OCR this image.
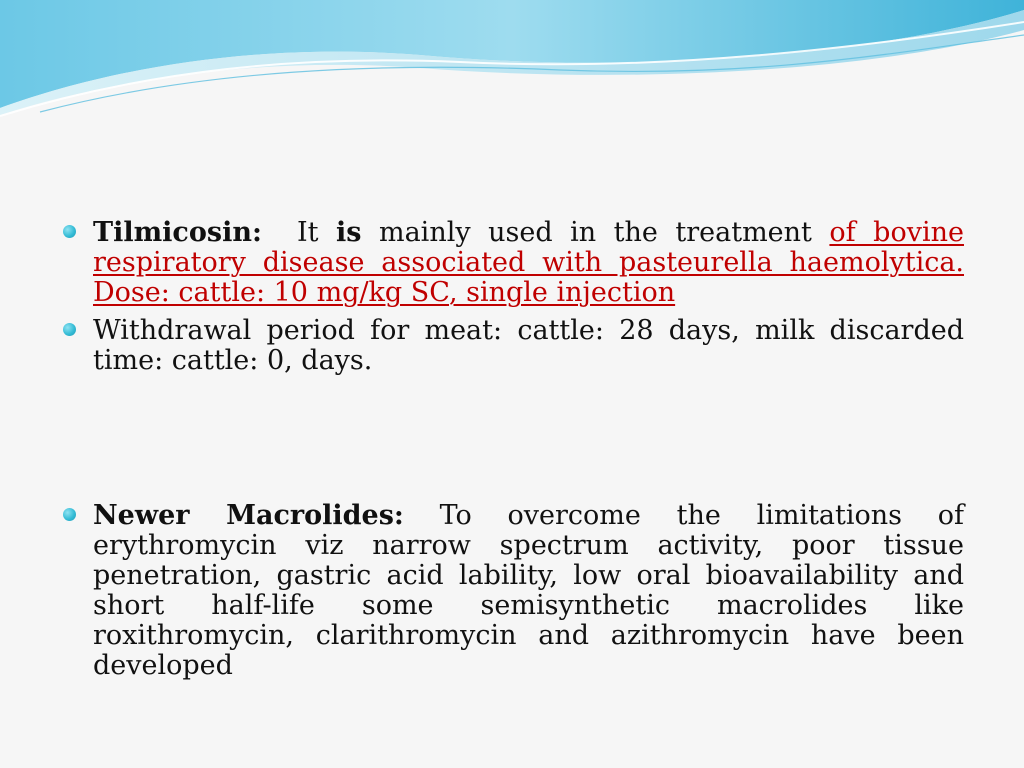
Tilmicosin:  It is mainly used in the treatment of bovine respiratory disease associated with pasteurella haemolytica. Dose: cattle: 10 mg/kg SC, single injection
Withdrawal period for meat: cattle: 28 days, milk discarded time: cattle: 0, days.
Newer Macrolides: To overcome the limitations of erythromycin viz narrow spectrum activity, poor tissue penetration, gastric acid lability, low oral bioavailability and short half-life some semisynthetic macrolides like roxithromycin, clarithromycin and azithromycin have been developed
